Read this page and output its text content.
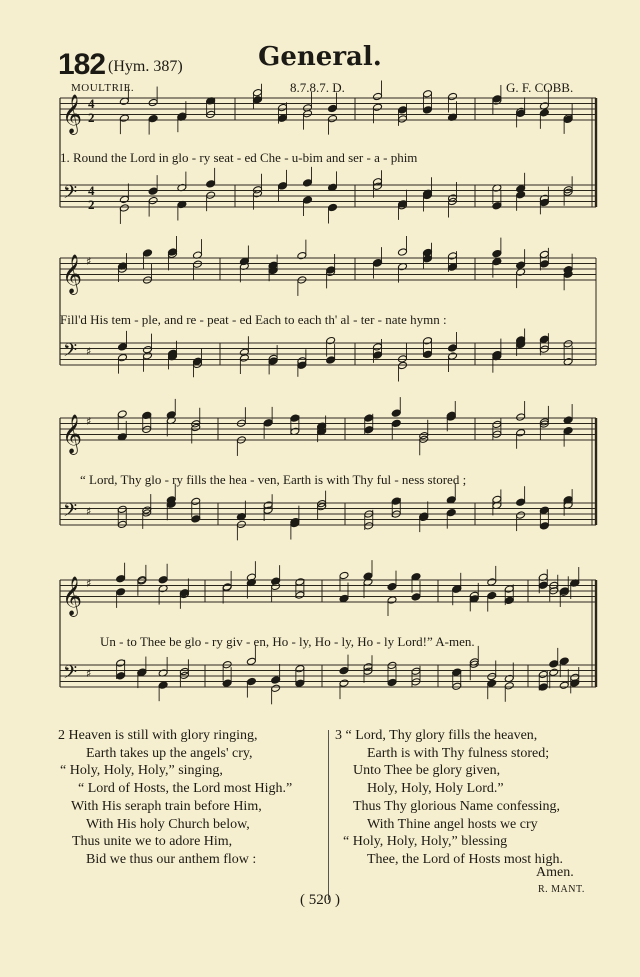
182 (Hym. 387)	General.
MOULTRIE.	8.7.8.7. D.	G. F. COBB.
𝄞
𝄢
𝄞
𝄢
♯
♯
𝄞
𝄢
♯
♯
𝄞
𝄢
♯
♯
4
2
4
2
1. Round the Lord in glo - ry seat - ed Che - u-bim and ser - a - phim
Fill'd His tem - ple, and re - peat - ed Each to each th' al - ter - nate hymn :
“ Lord, Thy glo - ry fills the hea - ven, Earth is with Thy ful - ness stored ;
Un - to Thee be glo - ry giv - en, Ho - ly, Ho - ly, Ho - ly Lord!” A-men.
2 Heaven is still with glory ringing,
Earth takes up the angels' cry,
“ Holy, Holy, Holy,” singing,
“ Lord of Hosts, the Lord most High.”
With His seraph train before Him,
With His holy Church below,
Thus unite we to adore Him,
Bid we thus our anthem flow :
3 “ Lord, Thy glory fills the heaven,
Earth is with Thy fulness stored;
Unto Thee be glory given,
Holy, Holy, Holy Lord.”
Thus Thy glorious Name confessing,
With Thine angel hosts we cry
“ Holy, Holy, Holy,” blessing
Thee, the Lord of Hosts most high.
Amen.
R. MANT.
( 520 )
